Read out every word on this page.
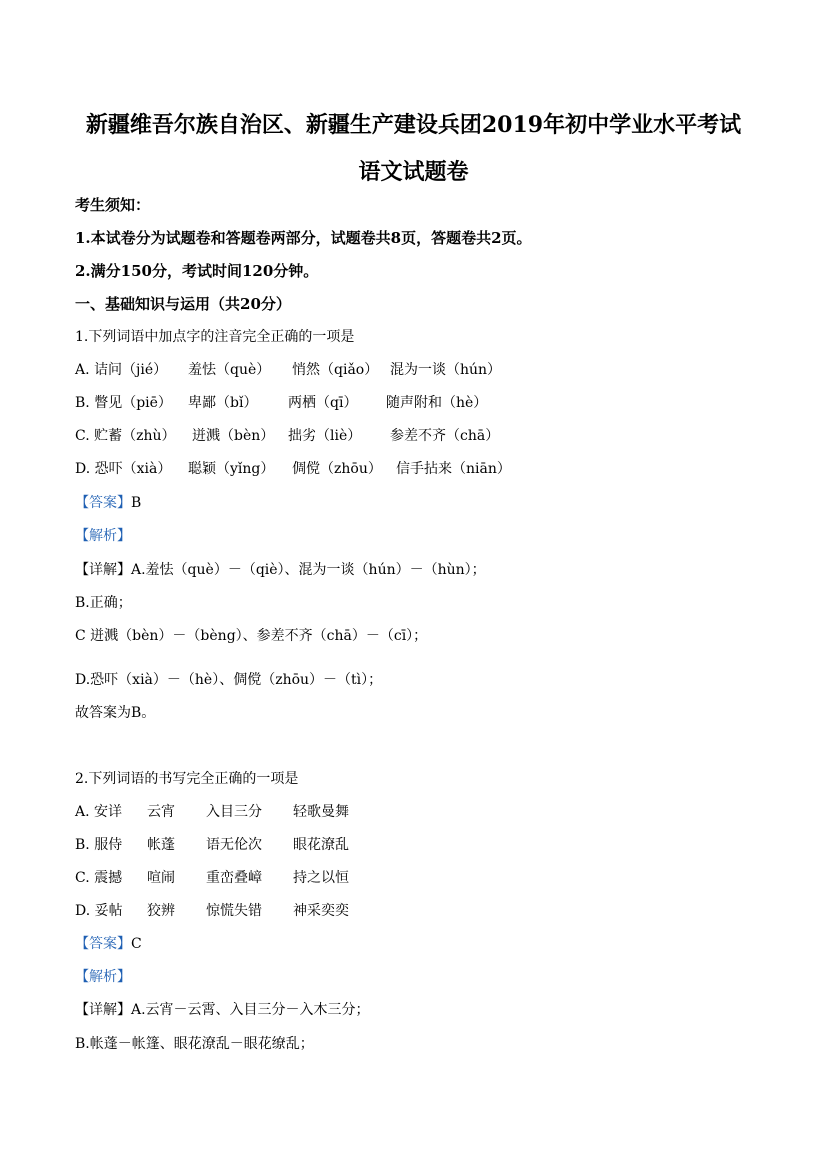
新疆维吾尔族自治区、新疆生产建设兵团2019年初中学业水平考试
语文试题卷
考生须知：
1.本试卷分为试题卷和答题卷两部分，试题卷共8页，答题卷共2页。
2.满分150分，考试时间120分钟。
一、基础知识与运用（共20分）
1.下列词语中加点字的注音完全正确的一项是
A. 诘问（jié） 羞怯（què） 悄然（qiǎo） 混为一谈（hún）
B. 瞥见（piē） 卑鄙（bǐ） 两栖（qī） 随声附和（hè）
C. 贮蓄（zhù） 迸溅（bèn） 拙劣（liè） 参差不齐（chā）
D. 恐吓（xià） 聪颖（yǐng） 倜傥（zhōu） 信手拈来（niān）
【答案】B
【解析】
【详解】A.羞怯（què）－（qiè）、混为一谈（hún）－（hùn）；
B.正确；
C 迸溅（bèn）－（bèng）、参差不齐（chā）－（cī）；
D.恐吓（xià）－（hè）、倜傥（zhōu）－（tì）；
故答案为B。
2.下列词语的书写完全正确的一项是
A. 安详 云宵 入目三分 轻歌曼舞
B. 服侍 帐蓬 语无伦次 眼花潦乱
C. 震撼 喧闹 重峦叠嶂 持之以恒
D. 妥帖 狡辨 惊慌失错 神采奕奕
【答案】C
【解析】
【详解】A.云宵－云霄、入目三分－入木三分；
B.帐蓬－帐篷、眼花潦乱－眼花缭乱；
